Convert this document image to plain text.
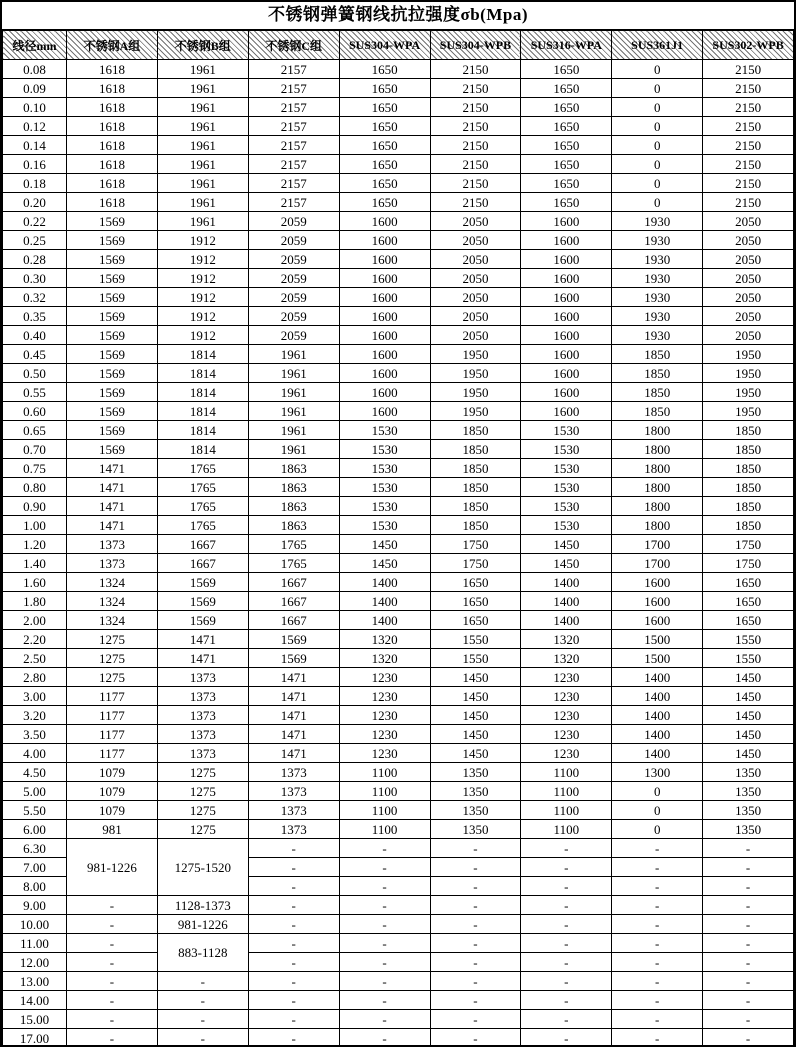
不锈钢弹簧钢线抗拉强度σb(Mpa)
线径mm	不锈钢A组	不锈钢B组	不锈钢C组	SUS304-WPA	SUS304-WPB	SUS316-WPA	SUS361J1	SUS302-WPB
0.08	1618	1961	2157	1650	2150	1650	0	2150
0.09	1618	1961	2157	1650	2150	1650	0	2150
0.10	1618	1961	2157	1650	2150	1650	0	2150
0.12	1618	1961	2157	1650	2150	1650	0	2150
0.14	1618	1961	2157	1650	2150	1650	0	2150
0.16	1618	1961	2157	1650	2150	1650	0	2150
0.18	1618	1961	2157	1650	2150	1650	0	2150
0.20	1618	1961	2157	1650	2150	1650	0	2150
0.22	1569	1961	2059	1600	2050	1600	1930	2050
0.25	1569	1912	2059	1600	2050	1600	1930	2050
0.28	1569	1912	2059	1600	2050	1600	1930	2050
0.30	1569	1912	2059	1600	2050	1600	1930	2050
0.32	1569	1912	2059	1600	2050	1600	1930	2050
0.35	1569	1912	2059	1600	2050	1600	1930	2050
0.40	1569	1912	2059	1600	2050	1600	1930	2050
0.45	1569	1814	1961	1600	1950	1600	1850	1950
0.50	1569	1814	1961	1600	1950	1600	1850	1950
0.55	1569	1814	1961	1600	1950	1600	1850	1950
0.60	1569	1814	1961	1600	1950	1600	1850	1950
0.65	1569	1814	1961	1530	1850	1530	1800	1850
0.70	1569	1814	1961	1530	1850	1530	1800	1850
0.75	1471	1765	1863	1530	1850	1530	1800	1850
0.80	1471	1765	1863	1530	1850	1530	1800	1850
0.90	1471	1765	1863	1530	1850	1530	1800	1850
1.00	1471	1765	1863	1530	1850	1530	1800	1850
1.20	1373	1667	1765	1450	1750	1450	1700	1750
1.40	1373	1667	1765	1450	1750	1450	1700	1750
1.60	1324	1569	1667	1400	1650	1400	1600	1650
1.80	1324	1569	1667	1400	1650	1400	1600	1650
2.00	1324	1569	1667	1400	1650	1400	1600	1650
2.20	1275	1471	1569	1320	1550	1320	1500	1550
2.50	1275	1471	1569	1320	1550	1320	1500	1550
2.80	1275	1373	1471	1230	1450	1230	1400	1450
3.00	1177	1373	1471	1230	1450	1230	1400	1450
3.20	1177	1373	1471	1230	1450	1230	1400	1450
3.50	1177	1373	1471	1230	1450	1230	1400	1450
4.00	1177	1373	1471	1230	1450	1230	1400	1450
4.50	1079	1275	1373	1100	1350	1100	1300	1350
5.00	1079	1275	1373	1100	1350	1100	0	1350
5.50	1079	1275	1373	1100	1350	1100	0	1350
6.00	981	1275	1373	1100	1350	1100	0	1350
6.30	981-1226	1275-1520	-	-	-	-	-	-
7.00			-	-	-	-	-	-
8.00			-	-	-	-	-	-
9.00	-	1128-1373	-	-	-	-	-	-
10.00	-	981-1226	-	-	-	-	-	-
11.00	-	883-1128	-	-	-	-	-	-
12.00	-		-	-	-	-	-	-
13.00	-	-	-	-	-	-	-	-
14.00	-	-	-	-	-	-	-	-
15.00	-	-	-	-	-	-	-	-
17.00	-	-	-	-	-	-	-	-
